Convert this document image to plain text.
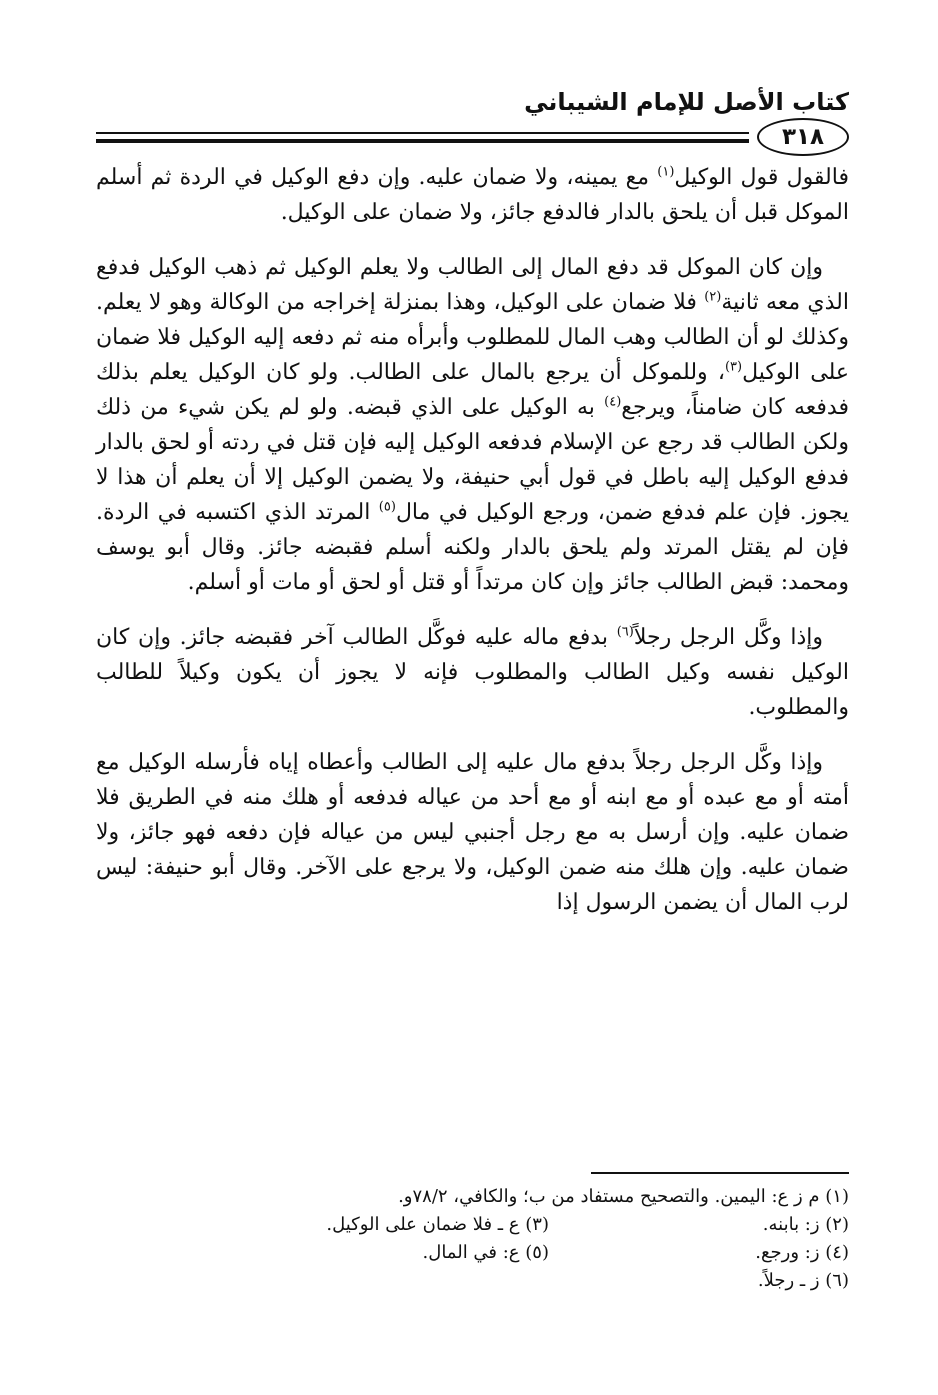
كتاب الأصل للإمام الشيباني
٣١٨

فالقول قول الوكيل$^{(١)}$ مع يمينه، ولا ضمان عليه. وإن دفع الوكيل في الردة ثم أسلم الموكل قبل أن يلحق بالدار فالدفع جائز، ولا ضمان على الوكيل.

وإن كان الموكل قد دفع المال إلى الطالب ولا يعلم الوكيل ثم ذهب الوكيل فدفع الذي معه ثانية$^{(٢)}$ فلا ضمان على الوكيل، وهذا بمنزلة إخراجه من الوكالة وهو لا يعلم. وكذلك لو أن الطالب وهب المال للمطلوب وأبرأه منه ثم دفعه إليه الوكيل فلا ضمان على الوكيل$^{(٣)}$، وللموكل أن يرجع بالمال على الطالب. ولو كان الوكيل يعلم بذلك فدفعه كان ضامناً، ويرجع$^{(٤)}$ به الوكيل على الذي قبضه. ولو لم يكن شيء من ذلك ولكن الطالب قد رجع عن الإسلام فدفعه الوكيل إليه فإن قتل في ردته أو لحق بالدار فدفع الوكيل إليه باطل في قول أبي حنيفة، ولا يضمن الوكيل إلا أن يعلم أن هذا لا يجوز. فإن علم فدفع ضمن، ورجع الوكيل في مال$^{(٥)}$ المرتد الذي اكتسبه في الردة. فإن لم يقتل المرتد ولم يلحق بالدار ولكنه أسلم فقبضه جائز. وقال أبو يوسف ومحمد: قبض الطالب جائز وإن كان مرتداً أو قتل أو لحق أو مات أو أسلم.

وإذا وكَّل الرجل رجلاً$^{(٦)}$ بدفع ماله عليه فوكَّل الطالب آخر فقبضه جائز. وإن كان الوكيل نفسه وكيل الطالب والمطلوب فإنه لا يجوز أن يكون وكيلاً للطالب والمطلوب.

وإذا وكَّل الرجل رجلاً بدفع مال عليه إلى الطالب وأعطاه إياه فأرسله الوكيل مع أمته أو مع عبده أو مع ابنه أو مع أحد من عياله فدفعه أو هلك منه في الطريق فلا ضمان عليه. وإن أرسل به مع رجل أجنبي ليس من عياله فإن دفعه فهو جائز، ولا ضمان عليه. وإن هلك منه ضمن الوكيل، ولا يرجع على الآخر. وقال أبو حنيفة: ليس لرب المال أن يضمن الرسول إذا

(١) م ز ع: اليمين. والتصحيح مستفاد من ب؛ والكافي، ٧٨/٢و.
(٢) ز: بابنه.
(٣) ع ـ فلا ضمان على الوكيل.
(٤) ز: ورجع.
(٥) ع: في المال.
(٦) ز ـ رجلاً.
